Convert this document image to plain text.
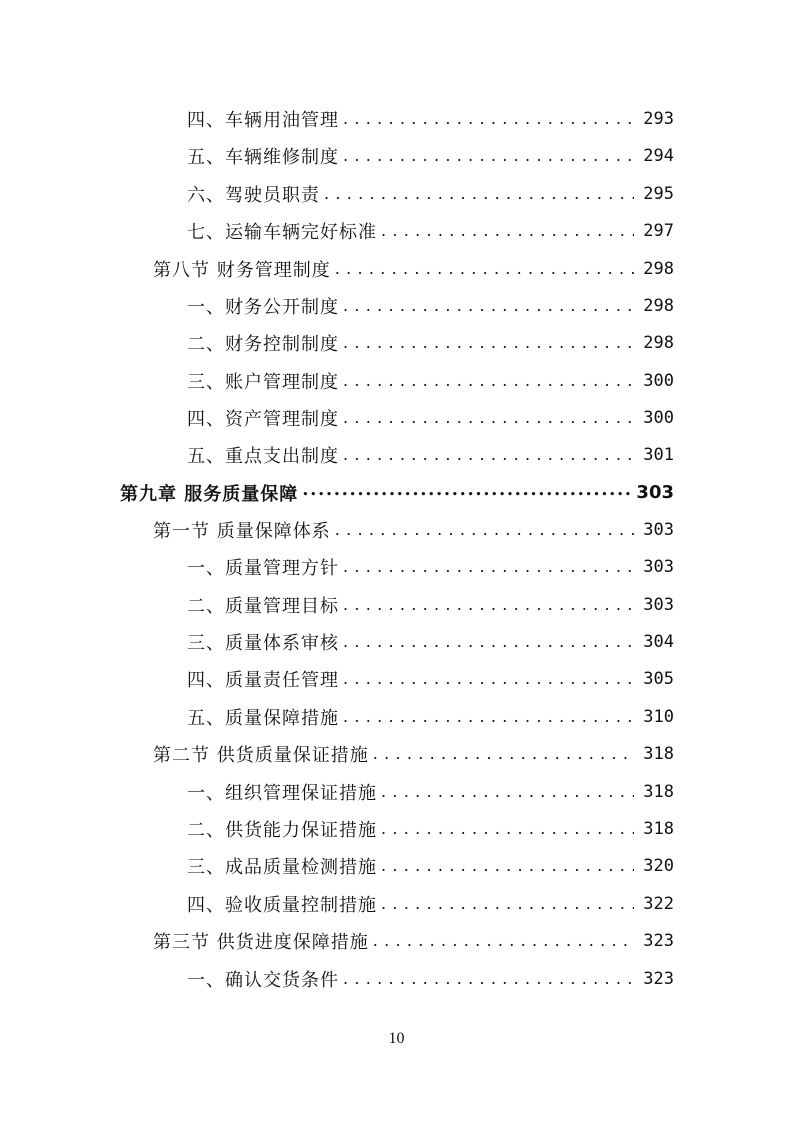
四、车辆用油管理 . . .	293
五、车辆维修制度 . . .	294
六、驾驶员职责 . . .	295
七、运输车辆完好标准 . . .	297
第八节 财务管理制度 . . .	298
一、财务公开制度 . . .	298
二、财务控制制度 . . .	298
三、账户管理制度 . . .	300
四、资产管理制度 . . .	300
五、重点支出制度 . . .	301
第九章 服务质量保障 .....	303
第一节 质量保障体系 . . .	303
一、质量管理方针 . . .	303
二、质量管理目标 . . .	303
三、质量体系审核 . . .	304
四、质量责任管理 . . .	305
五、质量保障措施 . . .	310
第二节 供货质量保证措施 . . .	318
一、组织管理保证措施 . . .	318
二、供货能力保证措施 . . .	318
三、成品质量检测措施 . . .	320
四、验收质量控制措施 . . .	322
第三节 供货进度保障措施 . . .	323
一、确认交货条件 . . .	323
10
